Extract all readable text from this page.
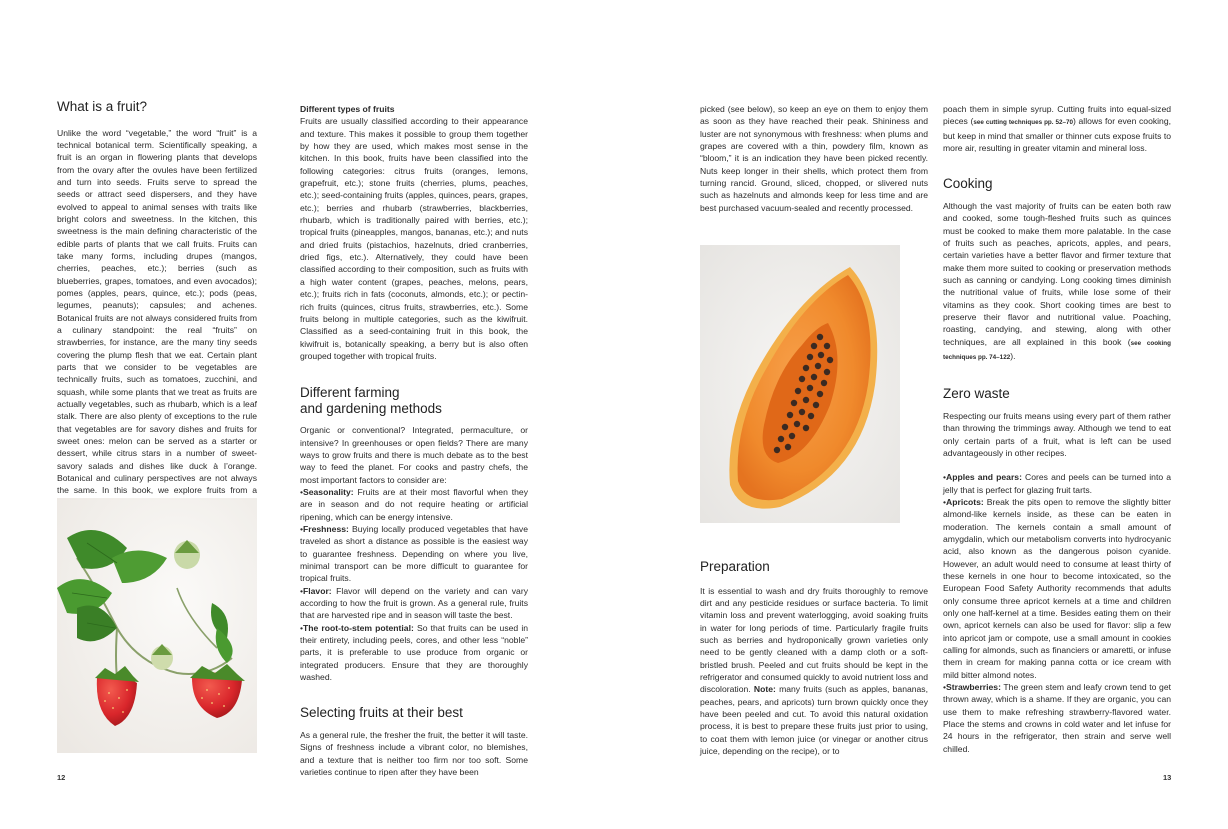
What is a fruit?

Unlike the word “vegetable,” the word “fruit” is a technical botanical term. Scientifically speaking, a fruit is an organ in flowering plants that develops from the ovary after the ovules have been fertilized and turn into seeds. Fruits serve to spread the seeds or attract seed dispersers, and they have evolved to appeal to animal senses with traits like bright colors and sweetness. In the kitchen, this sweetness is the main defining characteristic of the edible parts of plants that we call fruits. Fruits can take many forms, including drupes (mangos, cherries, peaches, etc.); berries (such as blueberries, grapes, tomatoes, and even avocados); pomes (apples, pears, quince, etc.); pods (peas, legumes, peanuts); capsules; and achenes. Botanical fruits are not always considered fruits from a culinary standpoint: the real “fruits” on strawberries, for instance, are the many tiny seeds covering the plump flesh that we eat. Certain plant parts that we consider to be vegetables are technically fruits, such as tomatoes, zucchini, and squash, while some plants that we treat as fruits are actually vegetables, such as rhubarb, which is a leaf stalk. There are also plenty of exceptions to the rule that vegetables are for savory dishes and fruits for sweet ones: melon can be served as a starter or dessert, while citrus stars in a number of sweet-savory salads and dishes like duck à l’orange. Botanical and culinary perspectives are not always the same. In this book, we explore fruits from a

12

Different types of fruits

Fruits are usually classified according to their appearance and texture. This makes it possible to group them together by how they are used, which makes most sense in the kitchen. In this book, fruits have been classified into the following categories: citrus fruits (oranges, lemons, grapefruit, etc.); stone fruits (cherries, plums, peaches, etc.); seed-containing fruits (apples, quinces, pears, grapes, etc.); berries and rhubarb (strawberries, blackberries, rhubarb, which is traditionally paired with berries, etc.); tropical fruits (pineapples, mangos, bananas, etc.); and nuts and dried fruits (pistachios, hazelnuts, dried cranberries, dried figs, etc.). Alternatively, they could have been classified according to their composition, such as fruits with a high water content (grapes, peaches, melons, pears, etc.); fruits rich in fats (coconuts, almonds, etc.); or pectin-rich fruits (quinces, citrus fruits, strawberries, etc.). Some fruits belong in multiple categories, such as the kiwifruit. Classified as a seed-containing fruit in this book, the kiwifruit is, botanically speaking, a berry but is also often grouped together with tropical fruits.

Different farming
and gardening methods

Organic or conventional? Integrated, permaculture, or intensive? In greenhouses or open fields? There are many ways to grow fruits and there is much debate as to the best way to feed the planet. For cooks and pastry chefs, the most important factors to consider are:

•Seasonality: Fruits are at their most flavorful when they are in season and do not require heating or artificial ripening, which can be energy intensive.

•Freshness: Buying locally produced vegetables that have traveled as short a distance as possible is the easiest way to guarantee freshness. Depending on where you live, minimal transport can be more difficult to guarantee for tropical fruits.

•Flavor: Flavor will depend on the variety and can vary according to how the fruit is grown. As a general rule, fruits that are harvested ripe and in season will taste the best.

•The root-to-stem potential: So that fruits can be used in their entirety, including peels, cores, and other less “noble” parts, it is preferable to use produce from organic or integrated producers. Ensure that they are thoroughly washed.

Selecting fruits at their best

As a general rule, the fresher the fruit, the better it will taste. Signs of freshness include a vibrant color, no blemishes, and a texture that is neither too firm nor too soft. Some varieties continue to ripen after they have been

picked (see below), so keep an eye on them to enjoy them as soon as they have reached their peak. Shininess and luster are not synonymous with freshness: when plums and grapes are covered with a thin, powdery film, known as “bloom,” it is an indication they have been picked recently. Nuts keep longer in their shells, which protect them from turning rancid. Ground, sliced, chopped, or slivered nuts such as hazelnuts and almonds keep for less time and are best purchased vacuum-sealed and recently processed.

Preparation

It is essential to wash and dry fruits thoroughly to remove dirt and any pesticide residues or surface bacteria. To limit vitamin loss and prevent waterlogging, avoid soaking fruits in water for long periods of time. Particularly fragile fruits such as berries and hydroponically grown varieties only need to be gently cleaned with a damp cloth or a soft-bristled brush. Peeled and cut fruits should be kept in the refrigerator and consumed quickly to avoid nutrient loss and discoloration. Note: many fruits (such as apples, bananas, peaches, pears, and apricots) turn brown quickly once they have been peeled and cut. To avoid this natural oxidation process, it is best to prepare these fruits just prior to using, to coat them with lemon juice (or vinegar or another citrus juice, depending on the recipe), or to

poach them in simple syrup. Cutting fruits into equal-sized pieces (see cutting techniques pp. 52–70) allows for even cooking, but keep in mind that smaller or thinner cuts expose fruits to more air, resulting in greater vitamin and mineral loss.

Cooking

Although the vast majority of fruits can be eaten both raw and cooked, some tough-fleshed fruits such as quinces must be cooked to make them more palatable. In the case of fruits such as peaches, apricots, apples, and pears, certain varieties have a better flavor and firmer texture that make them more suited to cooking or preservation methods such as canning or candying. Long cooking times diminish the nutritional value of fruits, while lose some of their vitamins as they cook. Short cooking times are best to preserve their flavor and nutritional value. Poaching, roasting, candying, and stewing, along with other techniques, are all explained in this book (see cooking techniques pp. 74–122).

Zero waste

Respecting our fruits means using every part of them rather than throwing the trimmings away. Although we tend to eat only certain parts of a fruit, what is left can be used advantageously in other recipes.

•Apples and pears: Cores and peels can be turned into a jelly that is perfect for glazing fruit tarts.

•Apricots: Break the pits open to remove the slightly bitter almond-like kernels inside, as these can be eaten in moderation. The kernels contain a small amount of amygdalin, which our metabolism converts into hydrocyanic acid, also known as the dangerous poison cyanide. However, an adult would need to consume at least thirty of these kernels in one hour to become intoxicated, so the European Food Safety Authority recommends that adults only consume three apricot kernels at a time and children only one half-kernel at a time. Besides eating them on their own, apricot kernels can also be used for flavor: slip a few into apricot jam or compote, use a small amount in cookies calling for almonds, such as financiers or amaretti, or infuse them in cream for making panna cotta or ice cream with mild bitter almond notes.

•Strawberries: The green stem and leafy crown tend to get thrown away, which is a shame. If they are organic, you can use them to make refreshing strawberry-flavored water. Place the stems and crowns in cold water and let infuse for 24 hours in the refrigerator, then strain and serve well chilled.

13
